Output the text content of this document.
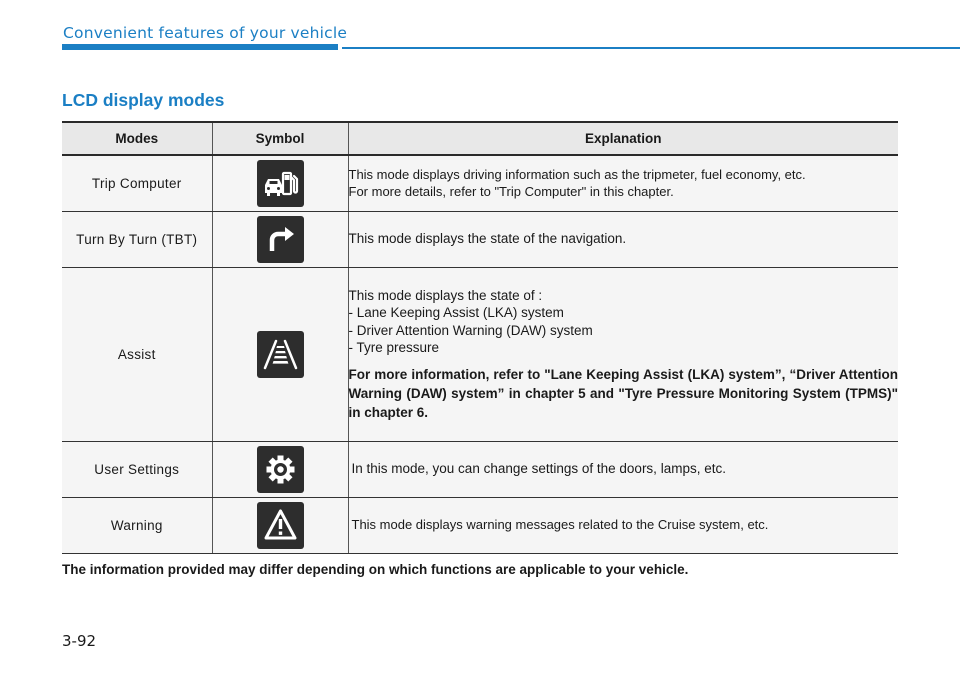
Convenient features of your vehicle
LCD display modes
Modes	Symbol	Explanation
Trip Computer		This mode displays driving information such as the tripmeter, fuel economy, etc.
For more details, refer to "Trip Computer" in this chapter.

Turn By Turn (TBT)		This mode displays the state of the navigation.

Assist		This mode displays the state of :
- Lane Keeping Assist (LKA) system
- Driver Attention Warning (DAW) system
- Tyre pressure
For more information, refer to "Lane Keeping Assist (LKA) system”, “Driver Attention Warning (DAW) system” in chapter 5 and "Tyre Pressure Monitoring System (TPMS)" in chapter 6.

User Settings		In this mode, you can change settings of the doors, lamps, etc.

Warning		This mode displays warning messages related to the Cruise system, etc.
The information provided may differ depending on which functions are applicable to your vehicle.
3-92
